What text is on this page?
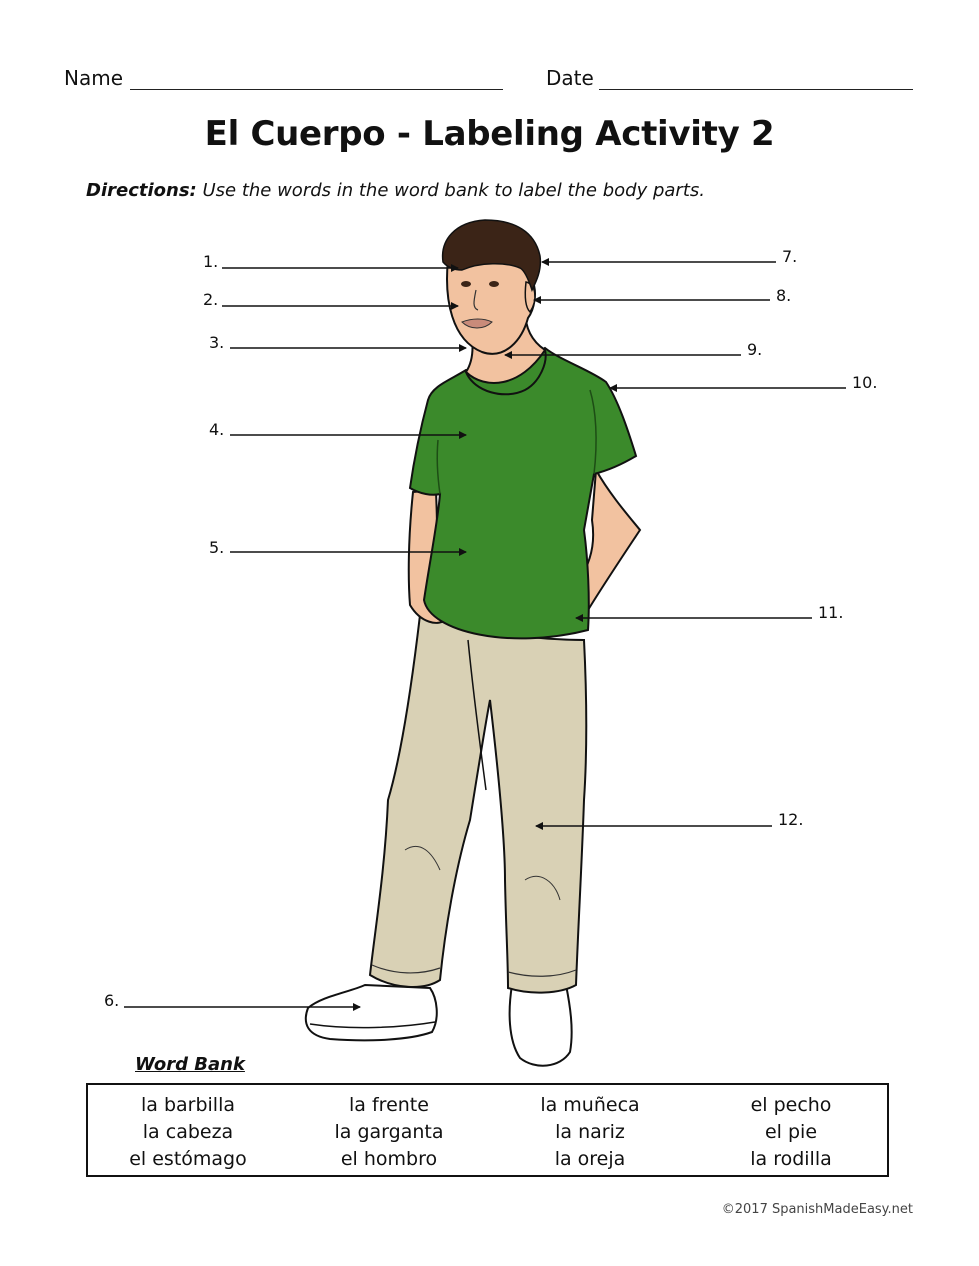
Name	Date
El Cuerpo - Labeling Activity 2
Directions: Use the words in the word bank to label the body parts.
1.
2.
3.
4.
5.
6.
7.
8.
9.
10.
11.
12.
Word Bank
la barbilla
la cabeza
el estómago
la frente
la garganta
el hombro
la muñeca
la nariz
la oreja
el pecho
el pie
la rodilla
©2017 SpanishMadeEasy.net
